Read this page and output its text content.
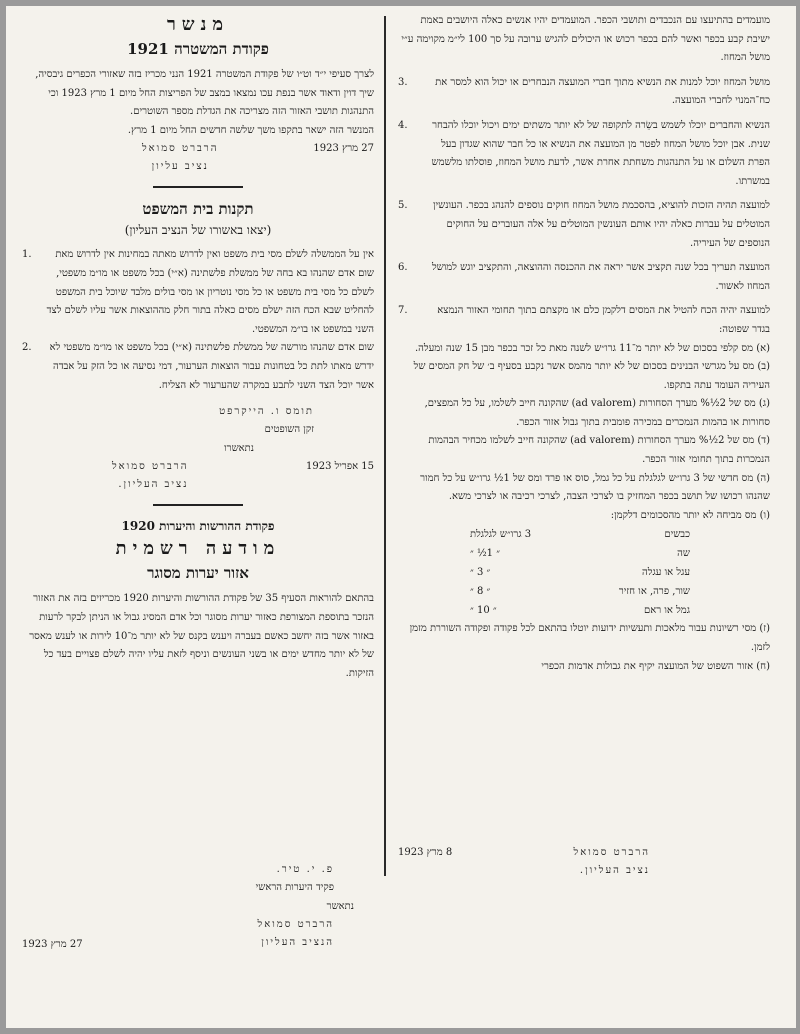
מועמדים בהתיעצו עם הנכבדים ותושבי הכפר. המועמדים יהיו אנשים כאלה היושבים באמת ישיבת קבע בכפר ואשר להם בכפר רכוש או היכולים להגיש ערובה על סך 100 לי״מ מקוימה ע״י מושל המחוז.
מושל המחוז יוכל למנות את הנשיא מתוך חברי המועצה הנבחרים או יכול הוא למסר את כח־המנוי לחברי המועצה.
.3
הנשיא והחברים יוכלו לשמש בשֵׂרה לתקופה של לא יותר משתים ימים ויכול יוכלו להבחר שנית. אבן יוכל מושל המחוז לפטר מן המועצה את הנשיא או כל חבר שהוא שגדון בעל הפרת השלום או על התנהגות משחתת אחרת אשר, לדעת מושל המחוז, פוסלתו מלשמש במשרתו.
.4
למועצה תהיה הזכות להוציא, בהסכמת מושל המחוז חוקים נוספים להנהג בכפר. העונשין המוטלים על עברות כאלה יהיו אותם העונשין המוטלים על אלה העוברים על החוקים הנוספים של העיריה.
.5
המועצה תעריך בכל שנה תקציב אשר יראה את ההכנסה וההוצאה, והתקציב יוגש למושל המחוז לאשור.
.6
למועצה יהיה הכח להטיל את המסים דלקמן כלם או מקצתם בתוך תחומי האזור הנמצא בגדר שפוטה:
.7
(א) מס קלפי בסכום של לא יותר מ־11 גרו״ש לשנה מאת כל זכר בכפר מבן 15 שנה ומעלה.
(ב) מס על מגרשי הבנינים בסכום של לא יותר מהמס אשר נקבע בסעיף ב׳ של חק המסים של העיריה העומד עתה בתקפו.
(ג) מס של 2½% מערך הסחורות (ad valorem) שהקונה חייב לשלמו, על כל המפצים, סחורות או בהמות הנמכרים במכירה פומבית בתוך גבול אזור הכפר.
(ד) מס של 2½% מערך הסחורות (ad valorem) שהקונה חייב לשלמו מכחיר הבהמות הנמכרות בתוך תחומי אזור הכפר.
(ה) מס חדשי של 3 גרו״ש לגלגלת על כל גמל, סוס או פרד ומס של 1½ גרו״ש על כל חמור שהנהו רכושו של תושב בכפר המחזיק בו לצרכי הצבה, לצרכי רכיבה או לצרכי משא.
(ו) מס מביחה לא יותר מהסכומים דלקמן:
כבשים
3 גרו״ש לגלגלת
שה
״ 1½ ״
עגל או עגלה
״ 3 ״
שור, פרה, או חזיר
״ 8 ״
גמל או ראם
״ 10 ״
(ז) מסי רשיונות עבור מלאכות ותעשיות ידועות יוטלו בהתאם לכל פקודה ופקודה השוררת מזמן לזמן.
(ח) אזור השפוט של המועצה יקיף את גבולות אדמות הכפרי
הרברט סמואל
נציב העליון.
8 מרץ 1923
מנשר
פקודת המשטרה 1921
לצרך סעיפי י״ד וט״ו של פקודת המשטרה 1921 הנני מכריז בזה שאזורי הכפרים גיבסיה, שיך דוין ודאוד אשר בנפת עכו נמצאו במצב של הפריצות החל מיום 1 מרץ 1923 וכי התנהגות תושבי האזור הזה מצריכה את הגדלת מספר השוטרים.
המנשר הזה ישאר בתקפו משך שלשה חדשים החל מיום 1 מרץ.
27 מרץ 1923
הרברט סמואל
נציב עליון
תקנות בית המשפט
(יצאו באשורו של הנציב העליון)
אין על הממשלה לשלם מסי בית משפט ואין לדרוש מאתה במחינות אין לדרוש מאת שום אדם שהנהו בא בחה של ממשלת פלשתינה (א״י) בכל משפט או מו״מ משפטי, לשלם כל מסי בית משפט או כל מסי נוטריון או מסי בולים מלבד שיוכל בית המשפט להחליט שבא הכח הזה ישלם מסים כאלה בתור חלק מההוצאות אשר עליו לשלם לצד השני במשפט או בו״מ המשפטי.
.1
שום אדם שהנהו מורשה של ממשלת פלשתינה (א״י) בכל משפט או מו״מ משפטי לא ידרש מאתו לתת כל בטחונות עבור הוצאות הערעור, דמי נסיעה או כל הזק על אבדה אשר יוכל הצד השני לתבע במקרה שהערעור לא הצליח.
.2
תומס ו. הייקרפט
זקן השופטים
נתאשרו
15 אפריל 1923
הרברט סמואל
נציב העליון.
פקודת ההורשות והיערות 1920
מודעה רשמית
אזור יערות מסוגר
בהתאם להוראות הסעיף 35 של פקודת ההורשות והיערות 1920 מכריזים בזה את האזור הנזכר בתוספת המצורפת כאזור יערות מסוגר וכל אדם המסיג גבול או הניתן לבקר לרעות באזור אשר בזה יחשב כאשם בעברה ויענש בקנס של לא יותר מ־10 לירות או לענש מאסר של לא יותר מחדש ימים או בשני העונשים וניסף לזאת עליו יהיה לשלם פצויים בעד כל הזיקות.
פ. י. טיר.
פקיד היערות הראשי
נתאשר
הרברט סמואל
הנציב העליון
27 מרץ 1923
